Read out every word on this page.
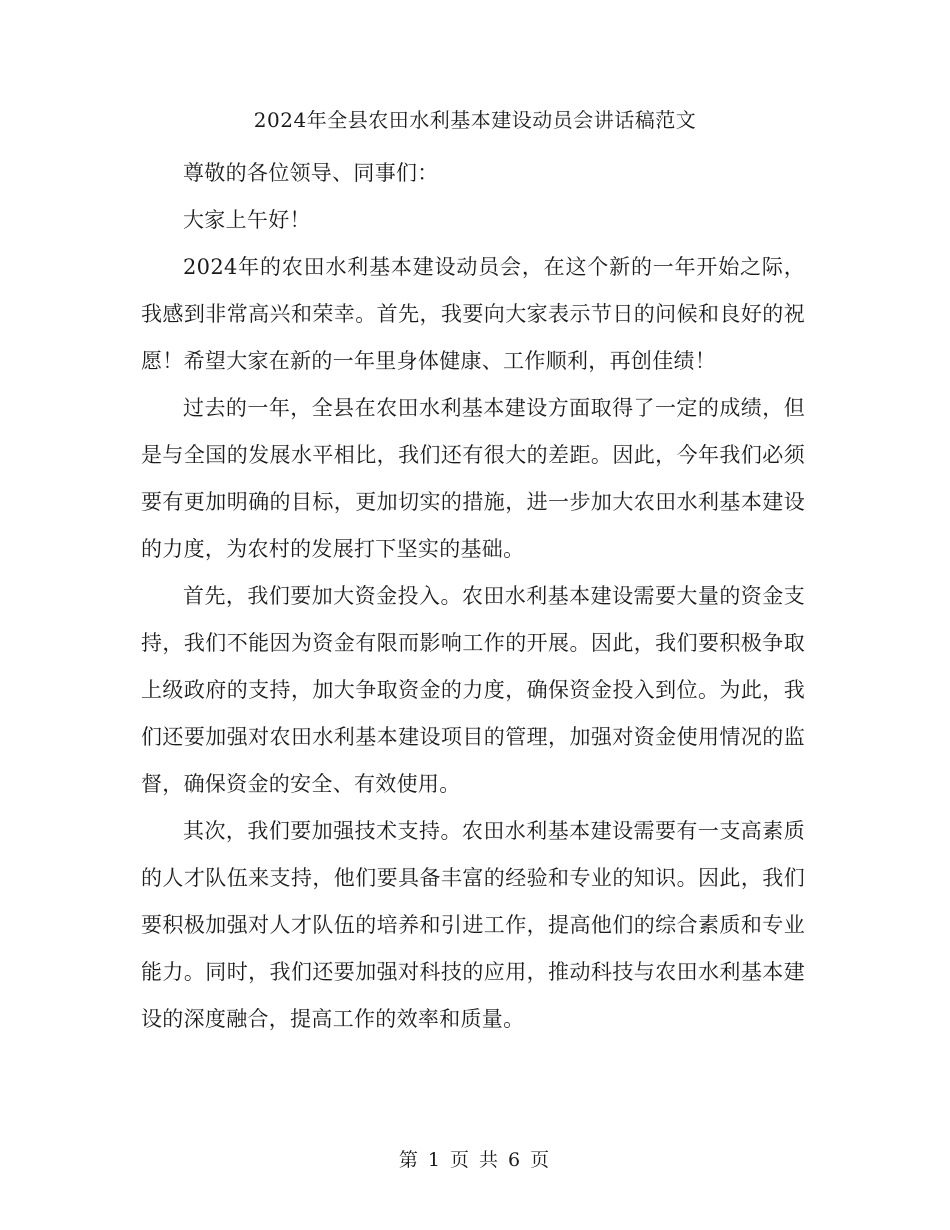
2024年全县农田水利基本建设动员会讲话稿范文

尊敬的各位领导、同事们：

大家上午好！

2024年的农田水利基本建设动员会，在这个新的一年开始之际，我感到非常高兴和荣幸。首先，我要向大家表示节日的问候和良好的祝愿！希望大家在新的一年里身体健康、工作顺利，再创佳绩！

过去的一年，全县在农田水利基本建设方面取得了一定的成绩，但是与全国的发展水平相比，我们还有很大的差距。因此，今年我们必须要有更加明确的目标，更加切实的措施，进一步加大农田水利基本建设的力度，为农村的发展打下坚实的基础。

首先，我们要加大资金投入。农田水利基本建设需要大量的资金支持，我们不能因为资金有限而影响工作的开展。因此，我们要积极争取上级政府的支持，加大争取资金的力度，确保资金投入到位。为此，我们还要加强对农田水利基本建设项目的管理，加强对资金使用情况的监督，确保资金的安全、有效使用。

其次，我们要加强技术支持。农田水利基本建设需要有一支高素质的人才队伍来支持，他们要具备丰富的经验和专业的知识。因此，我们要积极加强对人才队伍的培养和引进工作，提高他们的综合素质和专业能力。同时，我们还要加强对科技的应用，推动科技与农田水利基本建设的深度融合，提高工作的效率和质量。

第 1 页 共 6 页
